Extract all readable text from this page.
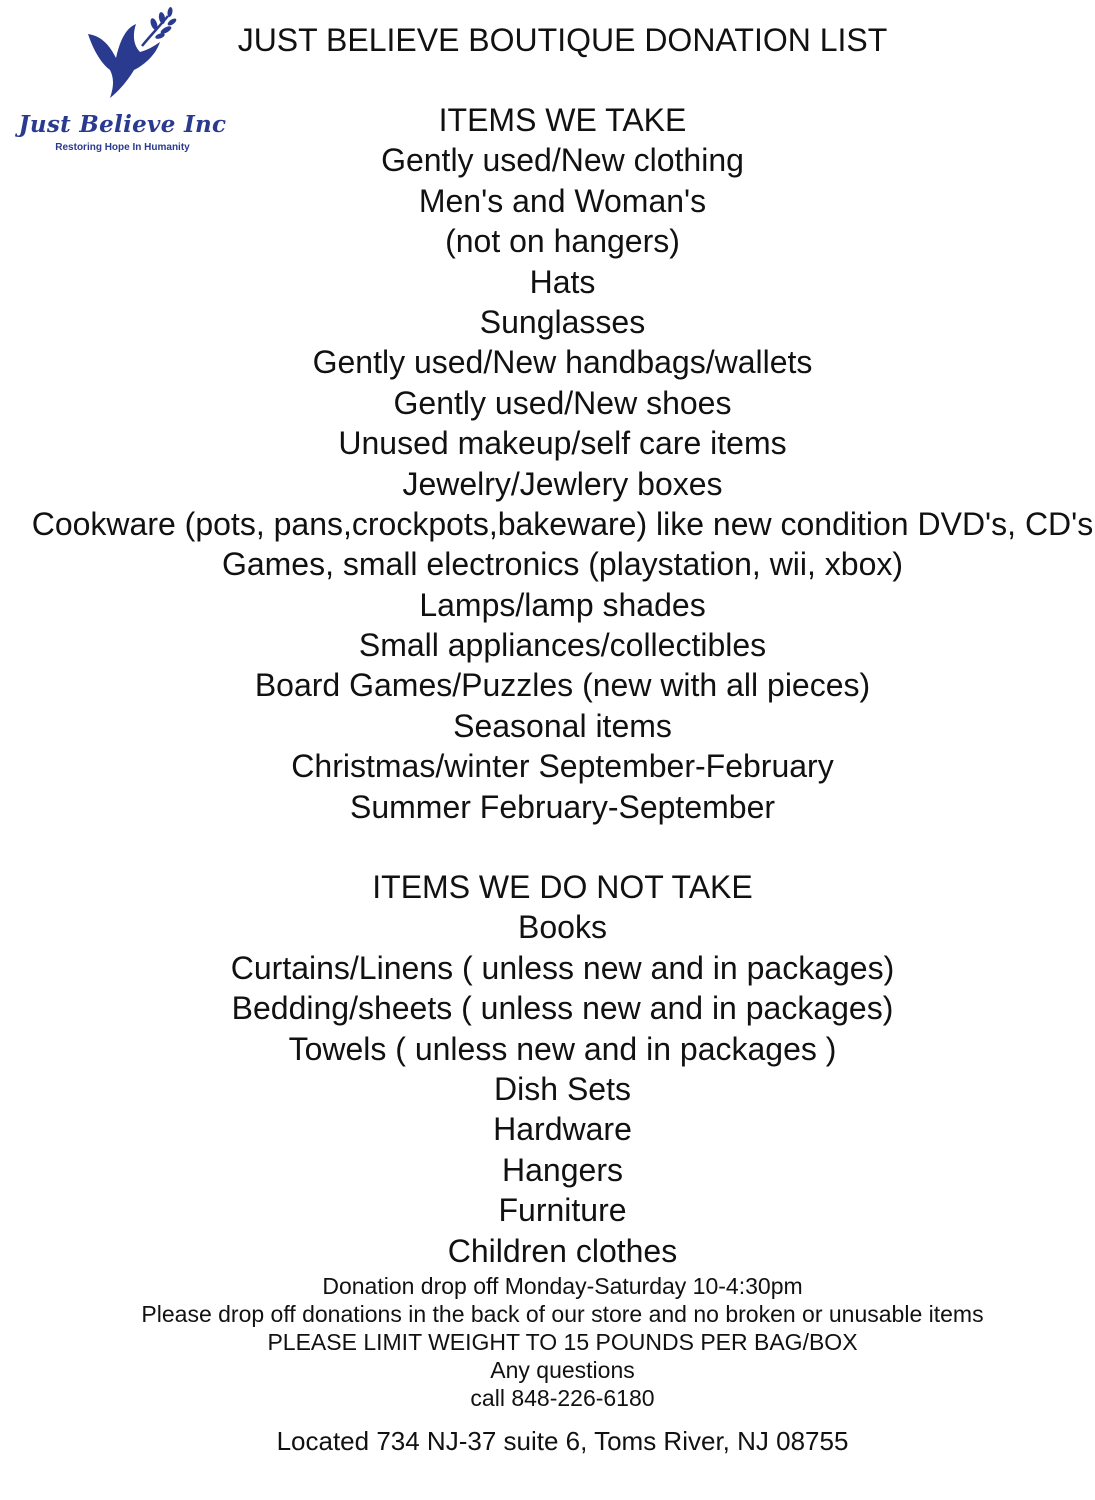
Just Believe Inc
Restoring Hope In Humanity
JUST BELIEVE BOUTIQUE DONATION LIST
ITEMS WE TAKE
Gently used/New clothing
Men's and Woman's
(not on hangers)
Hats
Sunglasses
Gently used/New handbags/wallets
Gently used/New shoes
Unused makeup/self care items
Jewelry/Jewlery boxes
Cookware (pots, pans,crockpots,bakeware) like new condition DVD's, CD's
Games, small electronics (playstation, wii, xbox)
Lamps/lamp shades
Small appliances/collectibles
Board Games/Puzzles (new with all pieces)
Seasonal items
Christmas/winter September-February
Summer February-September
ITEMS WE DO NOT TAKE
Books
Curtains/Linens ( unless new and in packages)
Bedding/sheets ( unless new and in packages)
Towels ( unless new and in packages )
Dish Sets
Hardware
Hangers
Furniture
Children clothes
Donation drop off Monday-Saturday 10-4:30pm
Please drop off donations in the back of our store and no broken or unusable items
PLEASE LIMIT WEIGHT TO 15 POUNDS PER BAG/BOX
Any questions
call 848-226-6180
Located 734 NJ-37 suite 6, Toms River, NJ 08755
